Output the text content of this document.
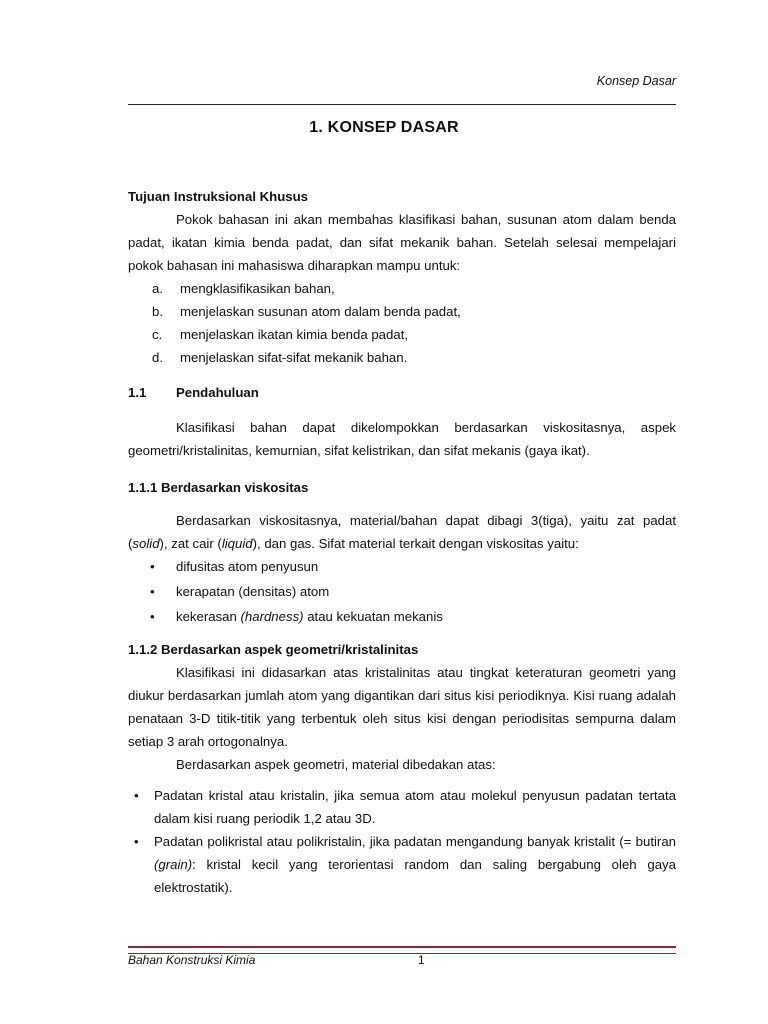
Konsep Dasar
1. KONSEP DASAR

Tujuan Instruksional Khusus

Pokok bahasan ini akan membahas klasifikasi bahan, susunan atom dalam benda padat, ikatan kimia benda padat, dan sifat mekanik bahan. Setelah selesai mempelajari pokok bahasan ini mahasiswa diharapkan mampu untuk:

a. mengklasifikasikan bahan,
b. menjelaskan susunan atom dalam benda padat,
c. menjelaskan ikatan kimia benda padat,
d. menjelaskan sifat-sifat mekanik bahan.

1.1 Pendahuluan

Klasifikasi bahan dapat dikelompokkan berdasarkan viskositasnya, aspek geometri/kristalinitas, kemurnian, sifat kelistrikan, dan sifat mekanis (gaya ikat).

1.1.1 Berdasarkan viskositas

Berdasarkan viskositasnya, material/bahan dapat dibagi 3(tiga), yaitu zat padat (solid), zat cair (liquid), dan gas. Sifat material terkait dengan viskositas yaitu:

• difusitas atom penyusun
• kerapatan (densitas) atom
• kekerasan (hardness) atau kekuatan mekanis

1.1.2 Berdasarkan aspek geometri/kristalinitas

Klasifikasi ini didasarkan atas kristalinitas atau tingkat keteraturan geometri yang diukur berdasarkan jumlah atom yang digantikan dari situs kisi periodiknya. Kisi ruang adalah penataan 3-D titik-titik yang terbentuk oleh situs kisi dengan periodisitas sempurna dalam setiap 3 arah ortogonalnya.

Berdasarkan aspek geometri, material dibedakan atas:

• Padatan kristal atau kristalin, jika semua atom atau molekul penyusun padatan tertata dalam kisi ruang periodik 1,2 atau 3D.
• Padatan polikristal atau polikristalin, jika padatan mengandung banyak kristalit (= butiran (grain): kristal kecil yang terorientasi random dan saling bergabung oleh gaya elektrostatik).
Bahan Konstruksi Kimia	1
